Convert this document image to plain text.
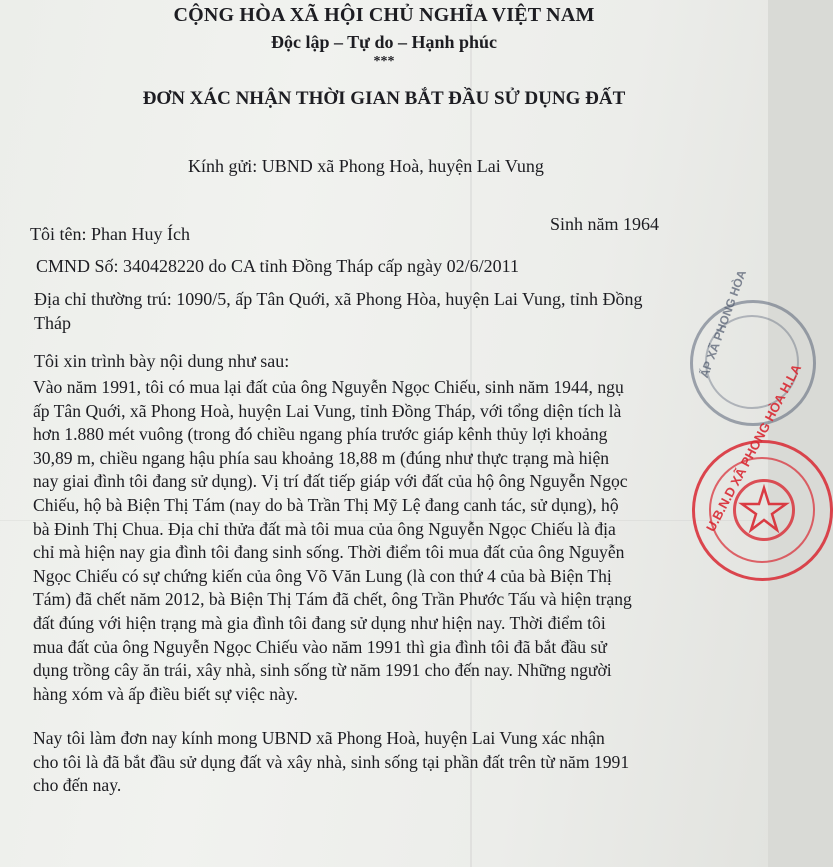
CỘNG HÒA XÃ HỘI CHỦ NGHĨA VIỆT NAM
Độc lập – Tự do – Hạnh phúc
***
ĐƠN XÁC NHẬN THỜI GIAN BẮT ĐẦU SỬ DỤNG ĐẤT
Kính gửi: UBND xã Phong Hoà, huyện Lai Vung
Tôi tên: Phan Huy Ích	Sinh năm 1964
CMND Số: 340428220 do CA tỉnh Đồng Tháp cấp ngày 02/6/2011
Địa chỉ thường trú: 1090/5, ấp Tân Quới, xã Phong Hòa, huyện Lai Vung, tỉnh Đồng
Tháp
Tôi xin trình bày nội dung như sau:
Vào năm 1991, tôi có mua lại đất của ông Nguyễn Ngọc Chiếu, sinh năm 1944, ngụ
ấp Tân Quới, xã Phong Hoà, huyện Lai Vung, tỉnh Đồng Tháp, với tổng diện tích là
hơn 1.880 mét vuông (trong đó chiều ngang phía trước giáp kênh thủy lợi khoảng
30,89 m, chiều ngang hậu phía sau khoảng 18,88 m (đúng như thực trạng mà hiện
nay giai đình tôi đang sử dụng). Vị trí đất tiếp giáp với đất của hộ ông Nguyễn Ngọc
Chiếu, hộ bà Biện Thị Tám (nay do bà Trần Thị Mỹ Lệ đang canh tác, sử dụng), hộ
bà Đinh Thị Chua. Địa chỉ thửa đất mà tôi mua của ông Nguyễn Ngọc Chiếu là địa
chỉ mà hiện nay gia đình tôi đang sinh sống. Thời điểm tôi mua đất của ông Nguyễn
Ngọc Chiếu có sự chứng kiến của ông Võ Văn Lung (là con thứ 4 của bà Biện Thị
Tám) đã chết năm 2012, bà Biện Thị Tám đã chết, ông Trần Phước Tấu và hiện trạng
đất đúng với hiện trạng mà gia đình tôi đang sử dụng như hiện nay. Thời điểm tôi
mua đất của ông Nguyễn Ngọc Chiếu vào năm 1991 thì gia đình tôi đã bắt đầu sử
dụng trồng cây ăn trái, xây nhà, sinh sống từ năm 1991 cho đến nay. Những người
hàng xóm và ấp điều biết sự việc này.
Nay tôi làm đơn nay kính mong UBND xã Phong Hoà, huyện Lai Vung xác nhận
cho tôi là đã bắt đầu sử dụng đất và xây nhà, sinh sống tại phần đất trên từ năm 1991
cho đến nay.
ẤP XÃ PHONG HÒA
U.B.N.D XÃ PHONG HÒA H.LA
